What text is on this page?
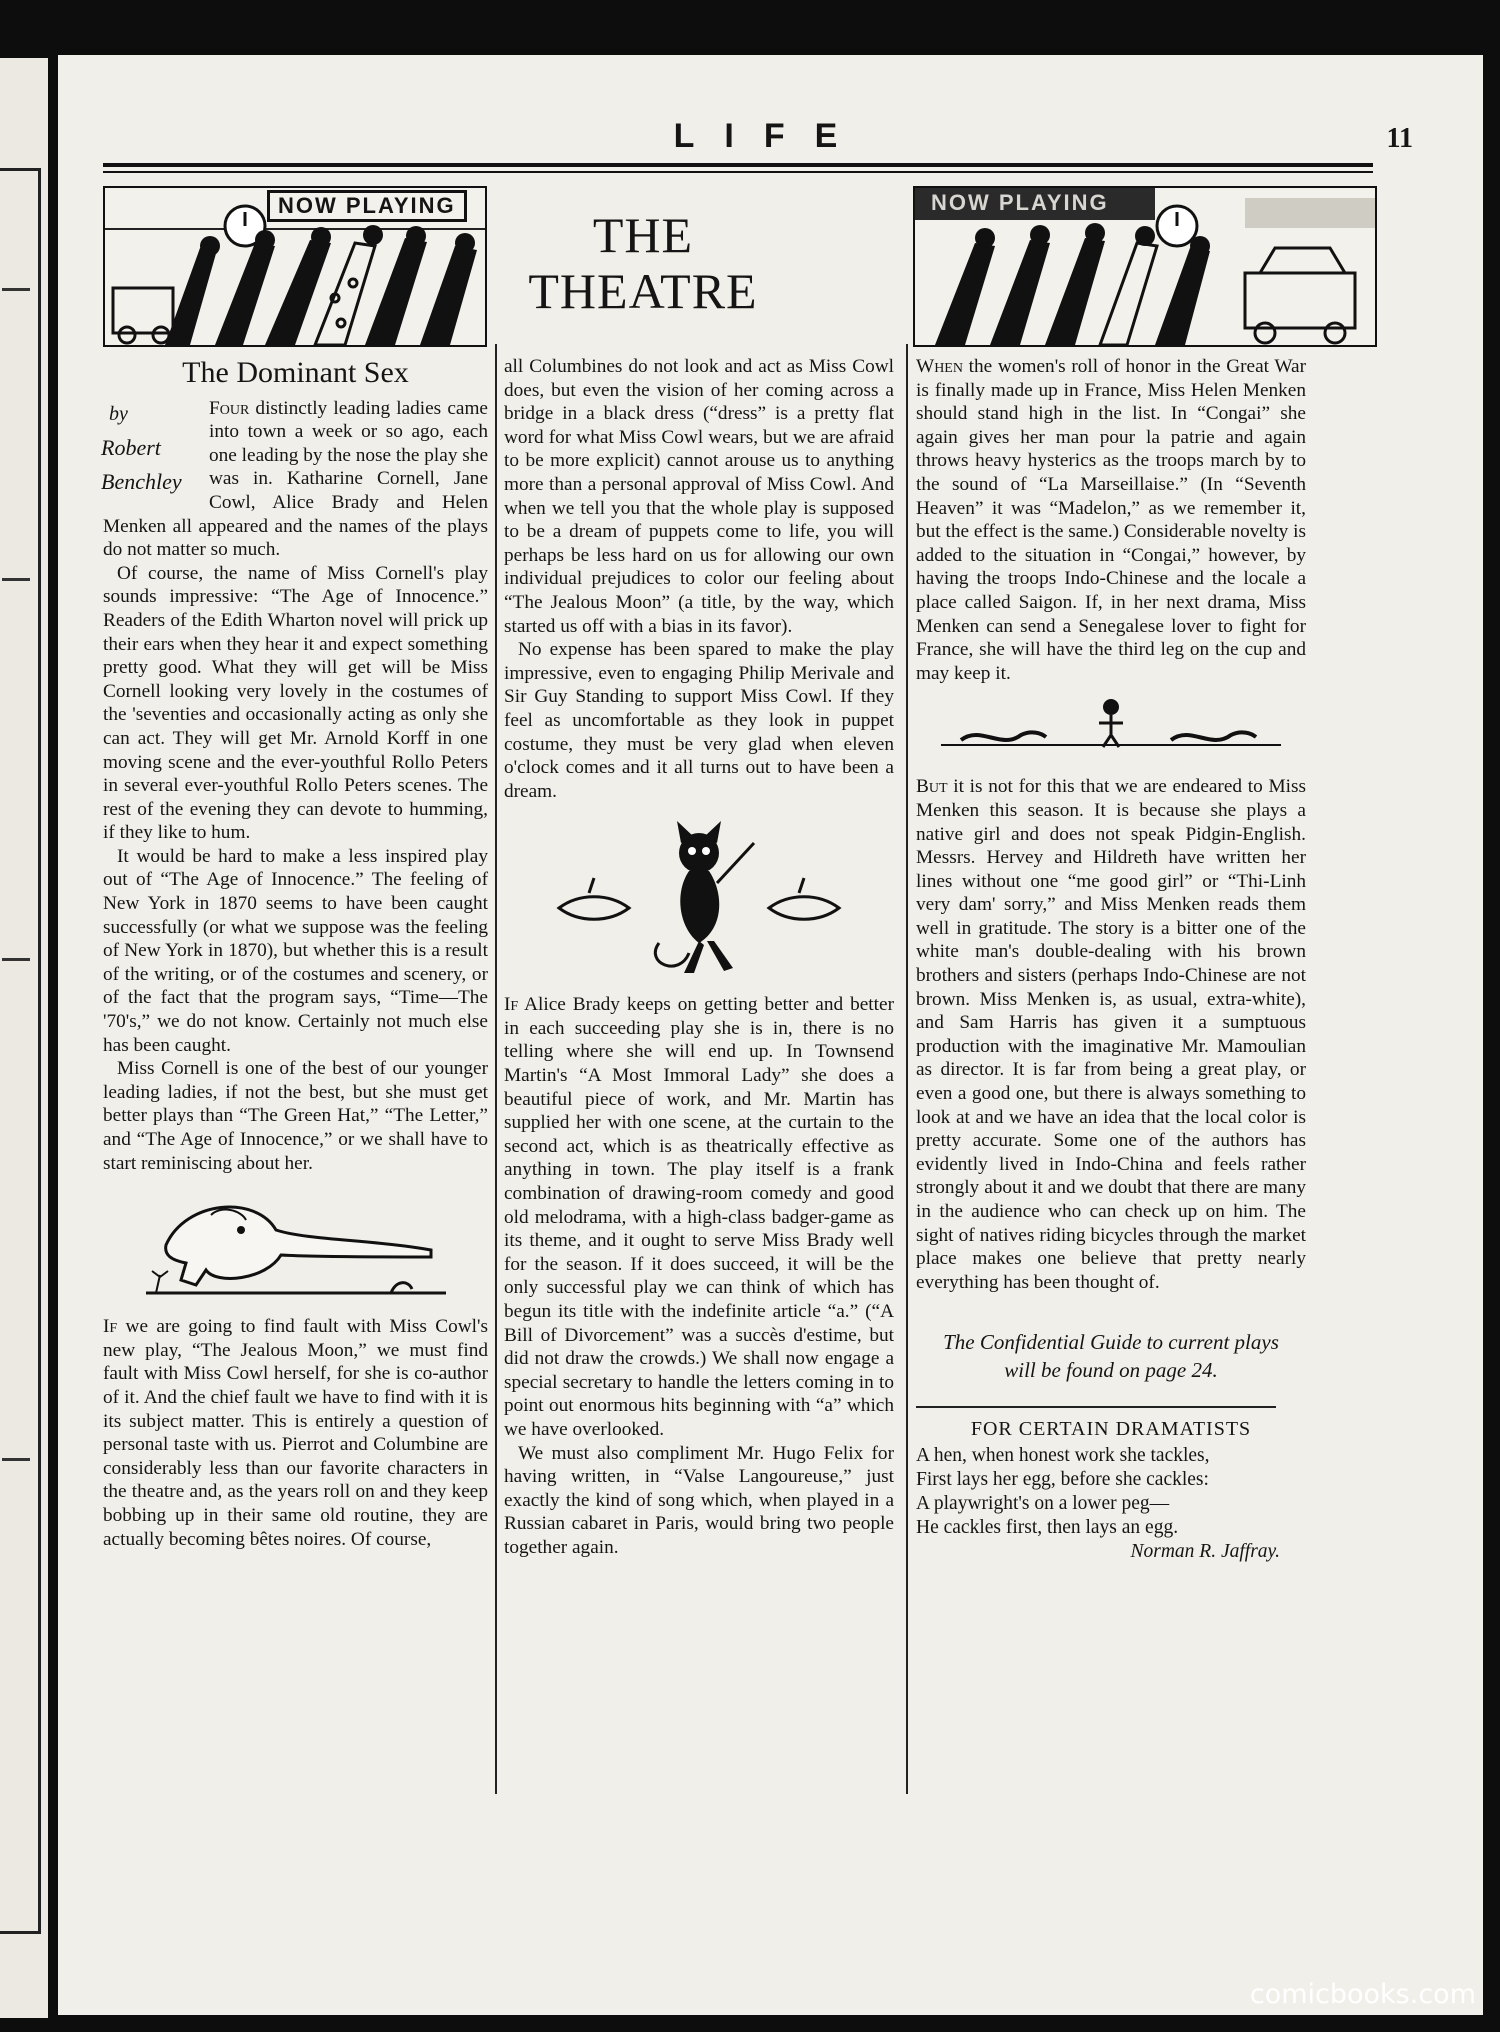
LIFE	11
NOW PLAYING
THE
THEATRE
NOW PLAYING
The Dominant Sex
by
Robert
Benchley

Four distinctly leading ladies came into town a week or so ago, each one leading by the nose the play she was in. Katharine Cornell, Jane Cowl, Alice Brady and Helen Menken all appeared and the names of the plays do not matter so much.

Of course, the name of Miss Cornell's play sounds impressive: “The Age of Innocence.” Readers of the Edith Wharton novel will prick up their ears when they hear it and expect something pretty good. What they will get will be Miss Cornell looking very lovely in the costumes of the 'seventies and occasionally acting as only she can act. They will get Mr. Arnold Korff in one moving scene and the ever-youthful Rollo Peters in several ever-youthful Rollo Peters scenes. The rest of the evening they can devote to humming, if they like to hum.

It would be hard to make a less inspired play out of “The Age of Innocence.” The feeling of New York in 1870 seems to have been caught successfully (or what we suppose was the feeling of New York in 1870), but whether this is a result of the writing, or of the costumes and scenery, or of the fact that the program says, “Time—The '70's,” we do not know. Certainly not much else has been caught.

Miss Cornell is one of the best of our younger leading ladies, if not the best, but she must get better plays than “The Green Hat,” “The Letter,” and “The Age of Innocence,” or we shall have to start reminiscing about her.

If we are going to find fault with Miss Cowl's new play, “The Jealous Moon,” we must find fault with Miss Cowl herself, for she is co-author of it. And the chief fault we have to find with it is its subject matter. This is entirely a question of personal taste with us. Pierrot and Columbine are considerably less than our favorite characters in the theatre and, as the years roll on and they keep bobbing up in their same old routine, they are actually becoming bêtes noires. Of course,

all Columbines do not look and act as Miss Cowl does, but even the vision of her coming across a bridge in a black dress (“dress” is a pretty flat word for what Miss Cowl wears, but we are afraid to be more explicit) cannot arouse us to anything more than a personal approval of Miss Cowl. And when we tell you that the whole play is supposed to be a dream of puppets come to life, you will perhaps be less hard on us for allowing our own individual prejudices to color our feeling about “The Jealous Moon” (a title, by the way, which started us off with a bias in its favor).

No expense has been spared to make the play impressive, even to engaging Philip Merivale and Sir Guy Standing to support Miss Cowl. If they feel as uncomfortable as they look in puppet costume, they must be very glad when eleven o'clock comes and it all turns out to have been a dream.

If Alice Brady keeps on getting better and better in each succeeding play she is in, there is no telling where she will end up. In Townsend Martin's “A Most Immoral Lady” she does a beautiful piece of work, and Mr. Martin has supplied her with one scene, at the curtain to the second act, which is as theatrically effective as anything in town. The play itself is a frank combination of drawing-room comedy and good old melodrama, with a high-class badger-game as its theme, and it ought to serve Miss Brady well for the season. If it does succeed, it will be the only successful play we can think of which has begun its title with the indefinite article “a.” (“A Bill of Divorcement” was a succès d'estime, but did not draw the crowds.) We shall now engage a special secretary to handle the letters coming in to point out enormous hits beginning with “a” which we have overlooked.

We must also compliment Mr. Hugo Felix for having written, in “Valse Langoureuse,” just exactly the kind of song which, when played in a Russian cabaret in Paris, would bring two people together again.

When the women's roll of honor in the Great War is finally made up in France, Miss Helen Menken should stand high in the list. In “Congai” she again gives her man pour la patrie and again throws heavy hysterics as the troops march by to the sound of “La Marseillaise.” (In “Seventh Heaven” it was “Madelon,” as we remember it, but the effect is the same.) Considerable novelty is added to the situation in “Congai,” however, by having the troops Indo-Chinese and the locale a place called Saigon. If, in her next drama, Miss Menken can send a Senegalese lover to fight for France, she will have the third leg on the cup and may keep it.

But it is not for this that we are endeared to Miss Menken this season. It is because she plays a native girl and does not speak Pidgin-English. Messrs. Hervey and Hildreth have written her lines without one “me good girl” or “Thi-Linh very dam' sorry,” and Miss Menken reads them well in gratitude. The story is a bitter one of the white man's double-dealing with his brown brothers and sisters (perhaps Indo-Chinese are not brown. Miss Menken is, as usual, extra-white), and Sam Harris has given it a sumptuous production with the imaginative Mr. Mamoulian as director. It is far from being a great play, or even a good one, but there is always something to look at and we have an idea that the local color is pretty accurate. Some one of the authors has evidently lived in Indo-China and feels rather strongly about it and we doubt that there are many in the audience who can check up on him. The sight of natives riding bicycles through the market place makes one believe that pretty nearly everything has been thought of.

The Confidential Guide to current plays
will be found on page 24.
FOR CERTAIN DRAMATISTS
A hen, when honest work she tackles,
First lays her egg, before she cackles:
A playwright's on a lower peg—
He cackles first, then lays an egg.
Norman R. Jaffray.
comicbooks.com
